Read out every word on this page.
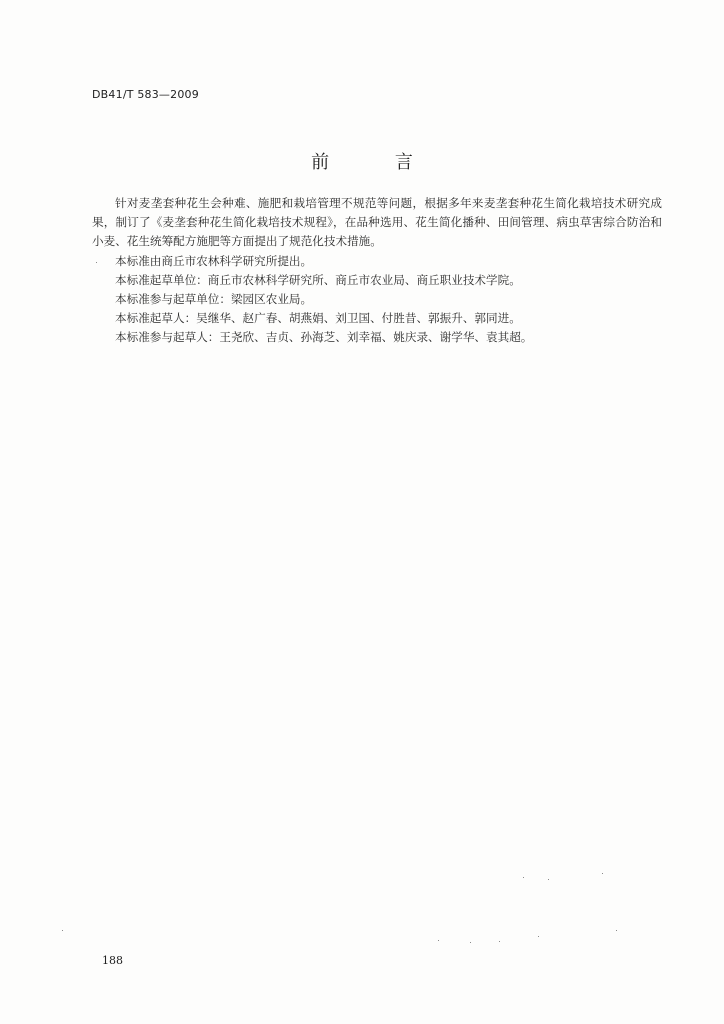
DB41/T 583—2009
前 言

针对麦垄套种花生会种难、施肥和栽培管理不规范等问题，根据多年来麦垄套种花生简化栽培技术研究成果，制订了《麦垄套种花生简化栽培技术规程》，在品种选用、花生简化播种、田间管理、病虫草害综合防治和小麦、花生统筹配方施肥等方面提出了规范化技术措施。

本标准由商丘市农林科学研究所提出。

本标准起草单位：商丘市农林科学研究所、商丘市农业局、商丘职业技术学院。

本标准参与起草单位：梁园区农业局。

本标准起草人：吴继华、赵广春、胡燕娟、刘卫国、付胜昔、郭振升、郭同进。

本标准参与起草人：王尧欣、吉贞、孙海芝、刘幸福、姚庆录、谢学华、袁其超。

188
